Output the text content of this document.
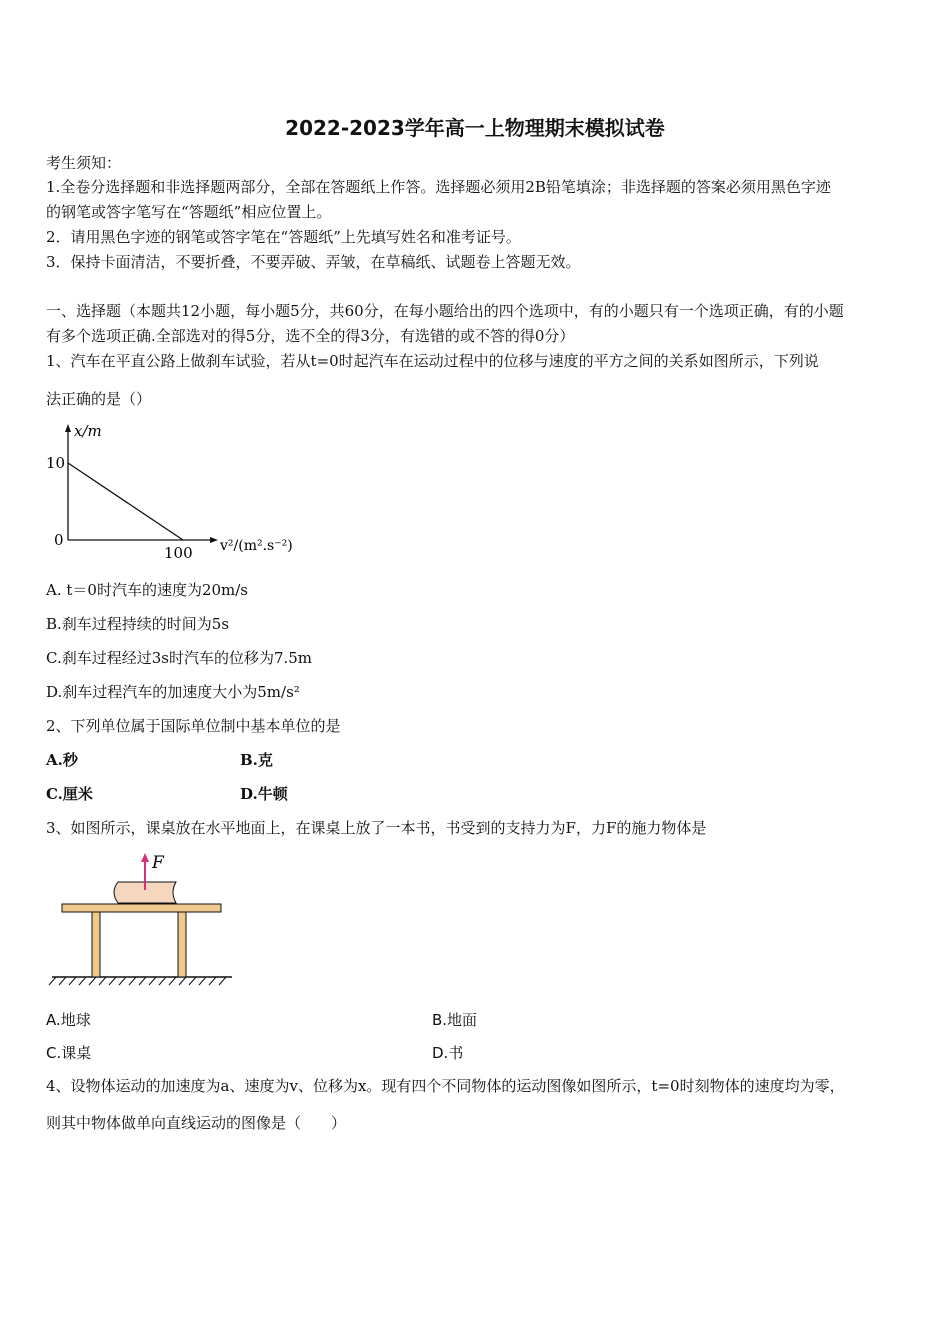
2022-2023学年高一上物理期末模拟试卷
考生须知：
1.全卷分选择题和非选择题两部分，全部在答题纸上作答。选择题必须用2B铅笔填涂；非选择题的答案必须用黑色字迹
的钢笔或答字笔写在“答题纸”相应位置上。
2．请用黑色字迹的钢笔或答字笔在“答题纸”上先填写姓名和准考证号。
3．保持卡面清洁，不要折叠，不要弄破、弄皱，在草稿纸、试题卷上答题无效。
一、选择题（本题共12小题，每小题5分，共60分，在每小题给出的四个选项中，有的小题只有一个选项正确，有的小题
有多个选项正确.全部选对的得5分，选不全的得3分，有选错的或不答的得0分）
1、汽车在平直公路上做刹车试验，若从t=0时起汽车在运动过程中的位移与速度的平方之间的关系如图所示，下列说
法正确的是（）
x/m
10
0
100 v²/(m².s⁻²)
A. t＝0时汽车的速度为20m/s
B.刹车过程持续的时间为5s
C.刹车过程经过3s时汽车的位移为7.5m
D.刹车过程汽车的加速度大小为5m/s²
2、下列单位属于国际单位制中基本单位的是
A.秒	B.克
C.厘米	D.牛顿
3、如图所示，课桌放在水平地面上，在课桌上放了一本书，书受到的支持力为F，力F的施力物体是
F
A.地球	B.地面
C.课桌	D.书
4、设物体运动的加速度为a、速度为v、位移为x。现有四个不同物体的运动图像如图所示，t=0时刻物体的速度均为零，
则其中物体做单向直线运动的图像是（　　）
